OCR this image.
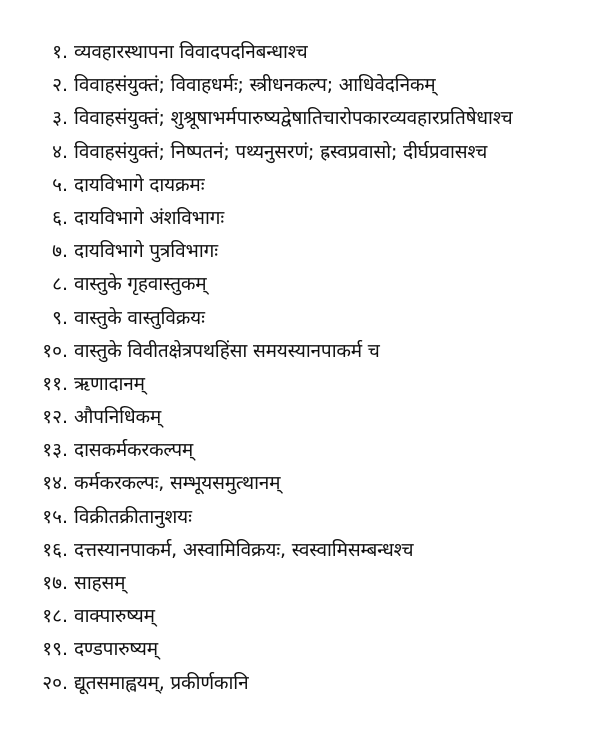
१. व्यवहारस्थापना विवादपदनिबन्धाश्च
२. विवाहसंयुक्तं; विवाहधर्मः; स्त्रीधनकल्प; आधिवेदनिकम्
३. विवाहसंयुक्तं; शुश्रूषाभर्मपारुष्यद्वेषातिचारोपकारव्यवहारप्रतिषेधाश्च
४. विवाहसंयुक्तं; निष्पतनं; पथ्यनुसरणं; ह्रस्वप्रवासो; दीर्घप्रवासश्च
५. दायविभागे दायक्रमः
६. दायविभागे अंशविभागः
७. दायविभागे पुत्रविभागः
८. वास्तुके गृहवास्तुकम्
९. वास्तुके वास्तुविक्रयः
१०. वास्तुके विवीतक्षेत्रपथहिंसा समयस्यानपाकर्म च
११. ऋणादानम्
१२. औपनिधिकम्
१३. दासकर्मकरकल्पम्
१४. कर्मकरकल्पः, सम्भूयसमुत्थानम्
१५. विक्रीतक्रीतानुशयः
१६. दत्तस्यानपाकर्म, अस्वामिविक्रयः, स्वस्वामिसम्बन्धश्च
१७. साहसम्
१८. वाक्पारुष्यम्
१९. दण्डपारुष्यम्
२०. द्यूतसमाह्वयम्, प्रकीर्णकानि
